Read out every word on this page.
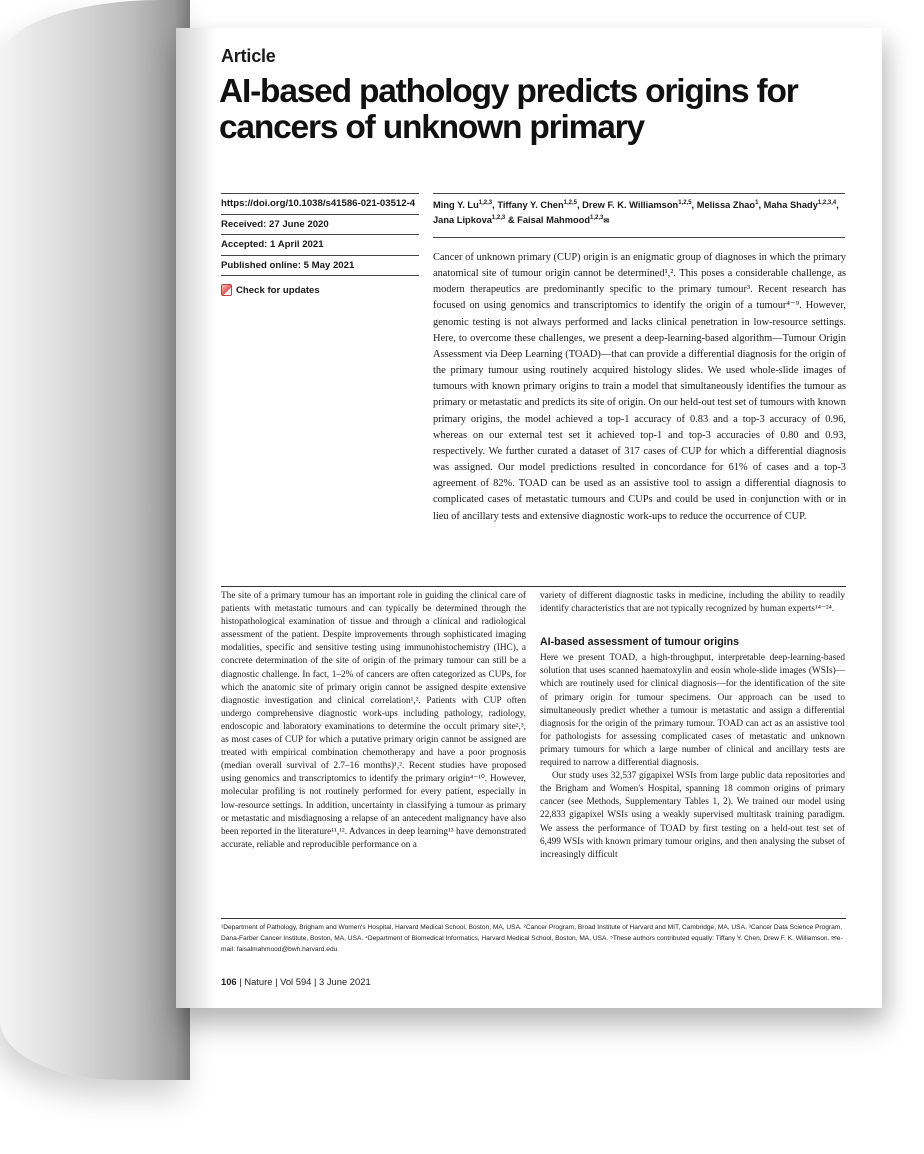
Article
AI-based pathology predicts origins for cancers of unknown primary
https://doi.org/10.1038/s41586-021-03512-4
Received: 27 June 2020
Accepted: 1 April 2021
Published online: 5 May 2021
Check for updates
Ming Y. Lu$^{1,2,3}$, Tiffany Y. Chen$^{1,2,5}$, Drew F. K. Williamson$^{1,2,5}$, Melissa Zhao$^1$, Maha Shady$^{1,2,3,4}$, Jana Lipkova$^{1,2,3}$ & Faisal Mahmood$^{1,2,3}$✉
Cancer of unknown primary (CUP) origin is an enigmatic group of diagnoses in which the primary anatomical site of tumour origin cannot be determined¹,². This poses a considerable challenge, as modern therapeutics are predominantly specific to the primary tumour³. Recent research has focused on using genomics and transcriptomics to identify the origin of a tumour⁴⁻⁹. However, genomic testing is not always performed and lacks clinical penetration in low-resource settings. Here, to overcome these challenges, we present a deep-learning-based algorithm—Tumour Origin Assessment via Deep Learning (TOAD)—that can provide a differential diagnosis for the origin of the primary tumour using routinely acquired histology slides. We used whole-slide images of tumours with known primary origins to train a model that simultaneously identifies the tumour as primary or metastatic and predicts its site of origin. On our held-out test set of tumours with known primary origins, the model achieved a top-1 accuracy of 0.83 and a top-3 accuracy of 0.96, whereas on our external test set it achieved top-1 and top-3 accuracies of 0.80 and 0.93, respectively. We further curated a dataset of 317 cases of CUP for which a differential diagnosis was assigned. Our model predictions resulted in concordance for 61% of cases and a top-3 agreement of 82%. TOAD can be used as an assistive tool to assign a differential diagnosis to complicated cases of metastatic tumours and CUPs and could be used in conjunction with or in lieu of ancillary tests and extensive diagnostic work-ups to reduce the occurrence of CUP.
The site of a primary tumour has an important role in guiding the clinical care of patients with metastatic tumours and can typically be determined through the histopathological examination of tissue and through a clinical and radiological assessment of the patient. Despite improvements through sophisticated imaging modalities, specific and sensitive testing using immunohistochemistry (IHC), a concrete determination of the site of origin of the primary tumour can still be a diagnostic challenge. In fact, 1–2% of cancers are often categorized as CUPs, for which the anatomic site of primary origin cannot be assigned despite extensive diagnostic investigation and clinical correlation¹,². Patients with CUP often undergo comprehensive diagnostic work-ups including pathology, radiology, endoscopic and laboratory examinations to determine the occult primary site²,³, as most cases of CUP for which a putative primary origin cannot be assigned are treated with empirical combination chemotherapy and have a poor prognosis (median overall survival of 2.7–16 months)¹,². Recent studies have proposed using genomics and transcriptomics to identify the primary origin⁴⁻¹⁰. However, molecular profiling is not routinely performed for every patient, especially in low-resource settings. In addition, uncertainty in classifying a tumour as primary or metastatic and misdiagnosing a relapse of an antecedent malignancy have also been reported in the literature¹¹,¹². Advances in deep learning¹³ have demonstrated accurate, reliable and reproducible performance on a
variety of different diagnostic tasks in medicine, including the ability to readily identify characteristics that are not typically recognized by human experts¹⁴⁻²⁴.
AI-based assessment of tumour origins
Here we present TOAD, a high-throughput, interpretable deep-learning-based solution that uses scanned haematoxylin and eosin whole-slide images (WSIs)—which are routinely used for clinical diagnosis—for the identification of the site of primary origin for tumour specimens. Our approach can be used to simultaneously predict whether a tumour is metastatic and assign a differential diagnosis for the origin of the primary tumour. TOAD can act as an assistive tool for pathologists for assessing complicated cases of metastatic and unknown primary tumours for which a large number of clinical and ancillary tests are required to narrow a differential diagnosis.
Our study uses 32,537 gigapixel WSIs from large public data repositories and the Brigham and Women's Hospital, spanning 18 common origins of primary cancer (see Methods, Supplementary Tables 1, 2). We trained our model using 22,833 gigapixel WSIs using a weakly supervised multitask training paradigm. We assess the performance of TOAD by first testing on a held-out test set of 6,499 WSIs with known primary tumour origins, and then analysing the subset of increasingly difficult
¹Department of Pathology, Brigham and Women's Hospital, Harvard Medical School, Boston, MA, USA. ²Cancer Program, Broad Institute of Harvard and MIT, Cambridge, MA, USA. ³Cancer Data Science Program, Dana-Farber Cancer Institute, Boston, MA, USA. ⁴Department of Biomedical Informatics, Harvard Medical School, Boston, MA, USA. ⁵These authors contributed equally: Tiffany Y. Chen, Drew F. K. Williamson. ✉e-mail: faisalmahmood@bwh.harvard.edu
106 | Nature | Vol 594 | 3 June 2021
